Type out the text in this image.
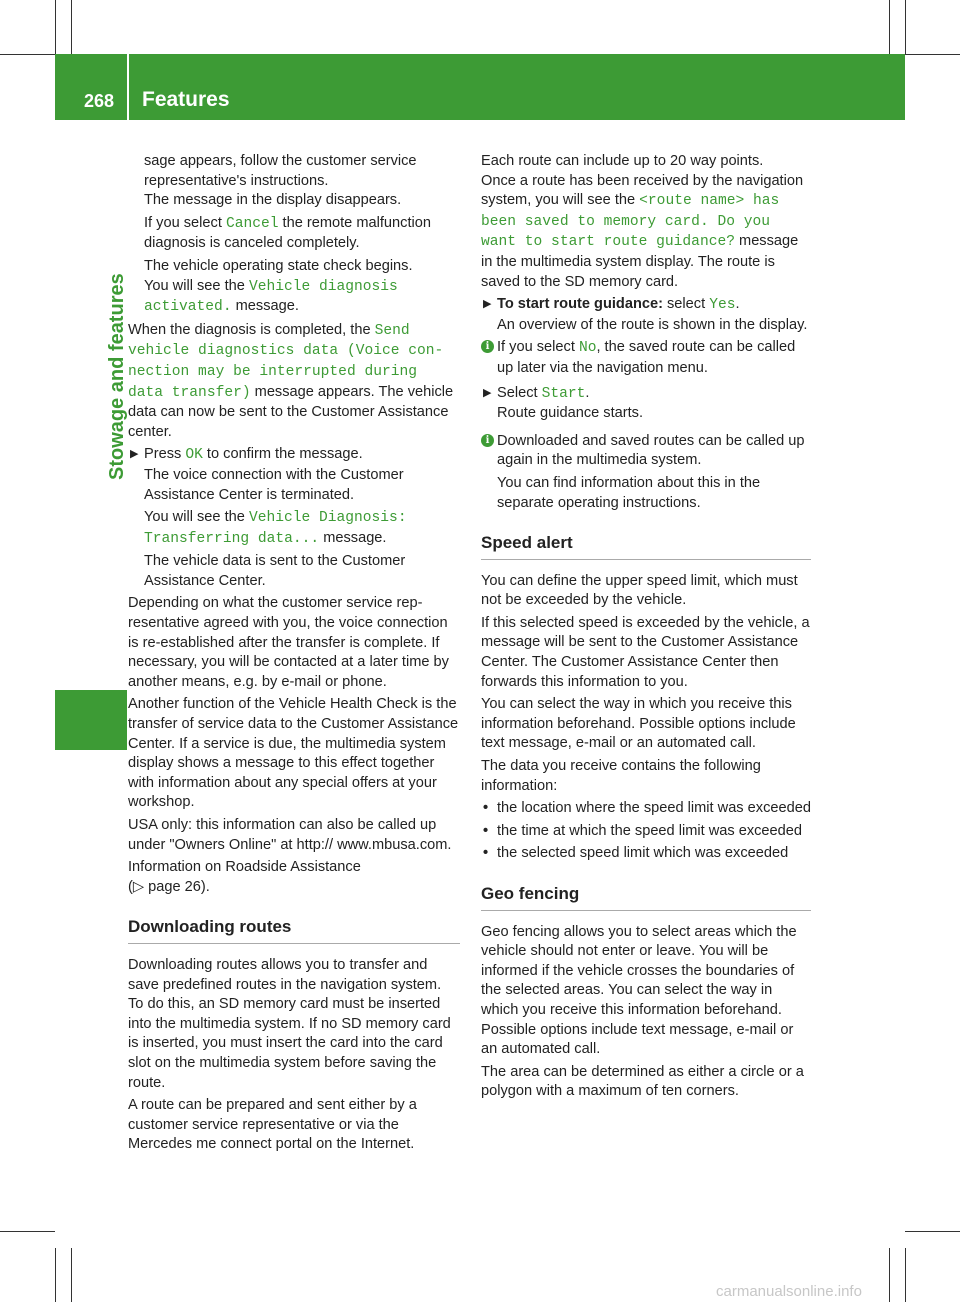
268 Features
Stowage and features
sage appears, follow the customer service representative's instructions.
The message in the display disappears.
If you select Cancel the remote malfunction diagnosis is canceled completely.
The vehicle operating state check begins.
You will see the Vehicle diagnosis activated. message.
When the diagnosis is completed, the Send vehicle diagnostics data (Voice con‐ nection may be interrupted during data transfer) message appears. The vehicle data can now be sent to the Customer Assistance center.
▶ Press OK to confirm the message.
The voice connection with the Customer Assistance Center is terminated.
You will see the Vehicle Diagnosis: Transferring data... message.
The vehicle data is sent to the Customer Assistance Center.
Depending on what the customer service representative agreed with you, the voice connection is re-established after the transfer is complete. If necessary, you will be contacted at a later time by another means, e.g. by e-mail or phone.
Another function of the Vehicle Health Check is the transfer of service data to the Customer Assistance Center. If a service is due, the multimedia system display shows a message to this effect together with information about any special offers at your workshop.
USA only: this information can also be called up under "Owners Online" at http:// www.mbusa.com.
Information on Roadside Assistance
(▷ page 26).
Downloading routes
Downloading routes allows you to transfer and save predefined routes in the navigation system. To do this, an SD memory card must be inserted into the multimedia system. If no SD memory card is inserted, you must insert the card into the card slot on the multimedia system before saving the route.
A route can be prepared and sent either by a customer service representative or via the Mercedes me connect portal on the Internet.
Each route can include up to 20 way points.
Once a route has been received by the navigation system, you will see the <route name> has been saved to memory card. Do you want to start route guidance? message in the multimedia system display. The route is saved to the SD memory card.
▶ To start route guidance: select Yes.
An overview of the route is shown in the display.
i If you select No, the saved route can be called up later via the navigation menu.
▶ Select Start.
Route guidance starts.
i Downloaded and saved routes can be called up again in the multimedia system.
You can find information about this in the separate operating instructions.
Speed alert
You can define the upper speed limit, which must not be exceeded by the vehicle.
If this selected speed is exceeded by the vehicle, a message will be sent to the Customer Assistance Center. The Customer Assistance Center then forwards this information to you.
You can select the way in which you receive this information beforehand. Possible options include text message, e-mail or an automated call.
The data you receive contains the following information:
• the location where the speed limit was exceeded
• the time at which the speed limit was exceeded
• the selected speed limit which was exceeded
Geo fencing
Geo fencing allows you to select areas which the vehicle should not enter or leave. You will be informed if the vehicle crosses the boundaries of the selected areas. You can select the way in which you receive this information beforehand. Possible options include text message, e-mail or an automated call.
The area can be determined as either a circle or a polygon with a maximum of ten corners.
carmanualsonline.info
